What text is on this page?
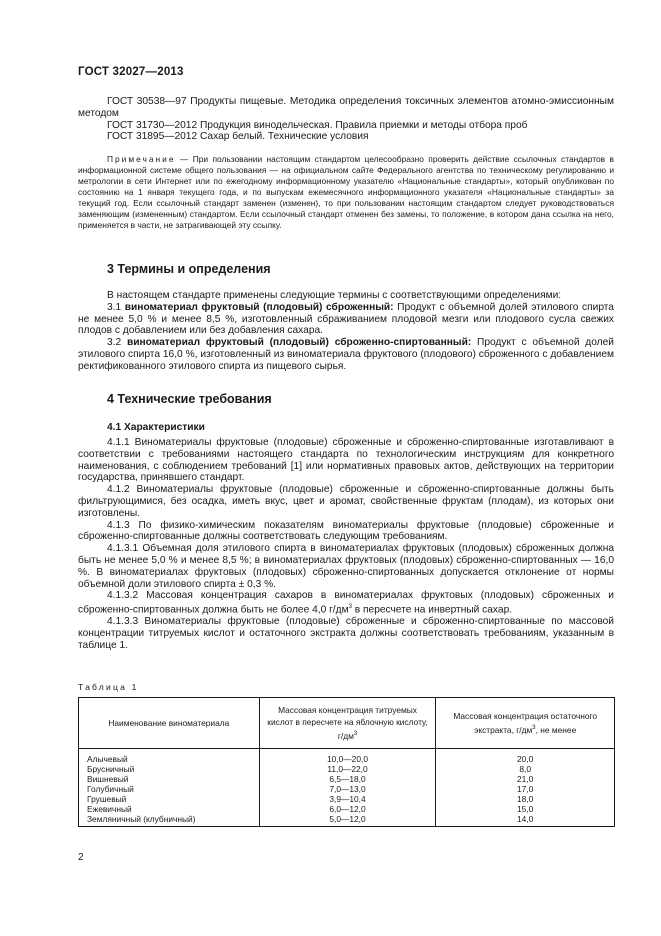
ГОСТ 32027—2013

ГОСТ 30538—97 Продукты пищевые. Методика определения токсичных элементов атомно-эмиссионным методом

ГОСТ 31730—2012 Продукция винодельческая. Правила приемки и методы отбора проб

ГОСТ 31895—2012 Сахар белый. Технические условия

Примечание — При пользовании настоящим стандартом целесообразно проверить действие ссылочных стандартов в информационной системе общего пользования — на официальном сайте Федерального агентства по техническому регулированию и метрологии в сети Интернет или по ежегодному информационному указателю «Национальные стандарты», который опубликован по состоянию на 1 января текущего года, и по выпускам ежемесячного информационного указателя «Национальные стандарты» за текущий год. Если ссылочный стандарт заменен (изменен), то при пользовании настоящим стандартом следует руководствоваться заменяющим (измененным) стандартом. Если ссылочный стандарт отменен без замены, то положение, в котором дана ссылка на него, применяется в части, не затрагивающей эту ссылку.

3 Термины и определения

В настоящем стандарте применены следующие термины с соответствующими определениями:

3.1 виноматериал фруктовый (плодовый) сброженный: Продукт с объемной долей этилового спирта не менее 5,0 % и менее 8,5 %, изготовленный сбраживанием плодовой мезги или плодового сусла свежих плодов с добавлением или без добавления сахара.

3.2 виноматериал фруктовый (плодовый) сброженно-спиртованный: Продукт с объемной долей этилового спирта 16,0 %, изготовленный из виноматериала фруктового (плодового) сброженного с добавлением ректификованного этилового спирта из пищевого сырья.

4 Технические требования
4.1 Характеристики

4.1.1 Виноматериалы фруктовые (плодовые) сброженные и сброженно-спиртованные изготавливают в соответствии с требованиями настоящего стандарта по технологическим инструкциям для конкретного наименования, с соблюдением требований [1] или нормативных правовых актов, действующих на территории государства, принявшего стандарт.

4.1.2 Виноматериалы фруктовые (плодовые) сброженные и сброженно-спиртованные должны быть фильтрующимися, без осадка, иметь вкус, цвет и аромат, свойственные фруктам (плодам), из которых они изготовлены.

4.1.3 По физико-химическим показателям виноматериалы фруктовые (плодовые) сброженные и сброженно-спиртованные должны соответствовать следующим требованиям.

4.1.3.1 Объемная доля этилового спирта в виноматериалах фруктовых (плодовых) сброженных должна быть не менее 5,0 % и менее 8,5 %; в виноматериалах фруктовых (плодовых) сброженно-спиртованных — 16,0 %. В виноматериалах фруктовых (плодовых) сброженно-спиртованных допускается отклонение от нормы объемной доли этилового спирта ± 0,3 %.

4.1.3.2 Массовая концентрация сахаров в виноматериалах фруктовых (плодовых) сброженных и сброженно-спиртованных должна быть не более 4,0 $г/дм^3$ в пересчете на инвертный сахар.

4.1.3.3 Виноматериалы фруктовые (плодовые) сброженные и сброженно-спиртованные по массовой концентрации титруемых кислот и остаточного экстракта должны соответствовать требованиям, указанным в таблице 1.

Таблица 1
Наименование виноматериала	Массовая концентрация титруемых кислот в пересчете на яблочную кислоту, $г/дм^3$	Массовая концентрация остаточного экстракта, $г/дм^3$, не менее
Алычевый	10,0—20,0	20,0
Брусничный	11,0—22,0	8,0
Вишневый	6,5—18,0	21,0
Голубичный	7,0—13,0	17,0
Грушевый	3,9—10,4	18,0
Ежевичный	6,0—12,0	15,0
Земляничный (клубничный)	5,0—12,0	14,0
2
